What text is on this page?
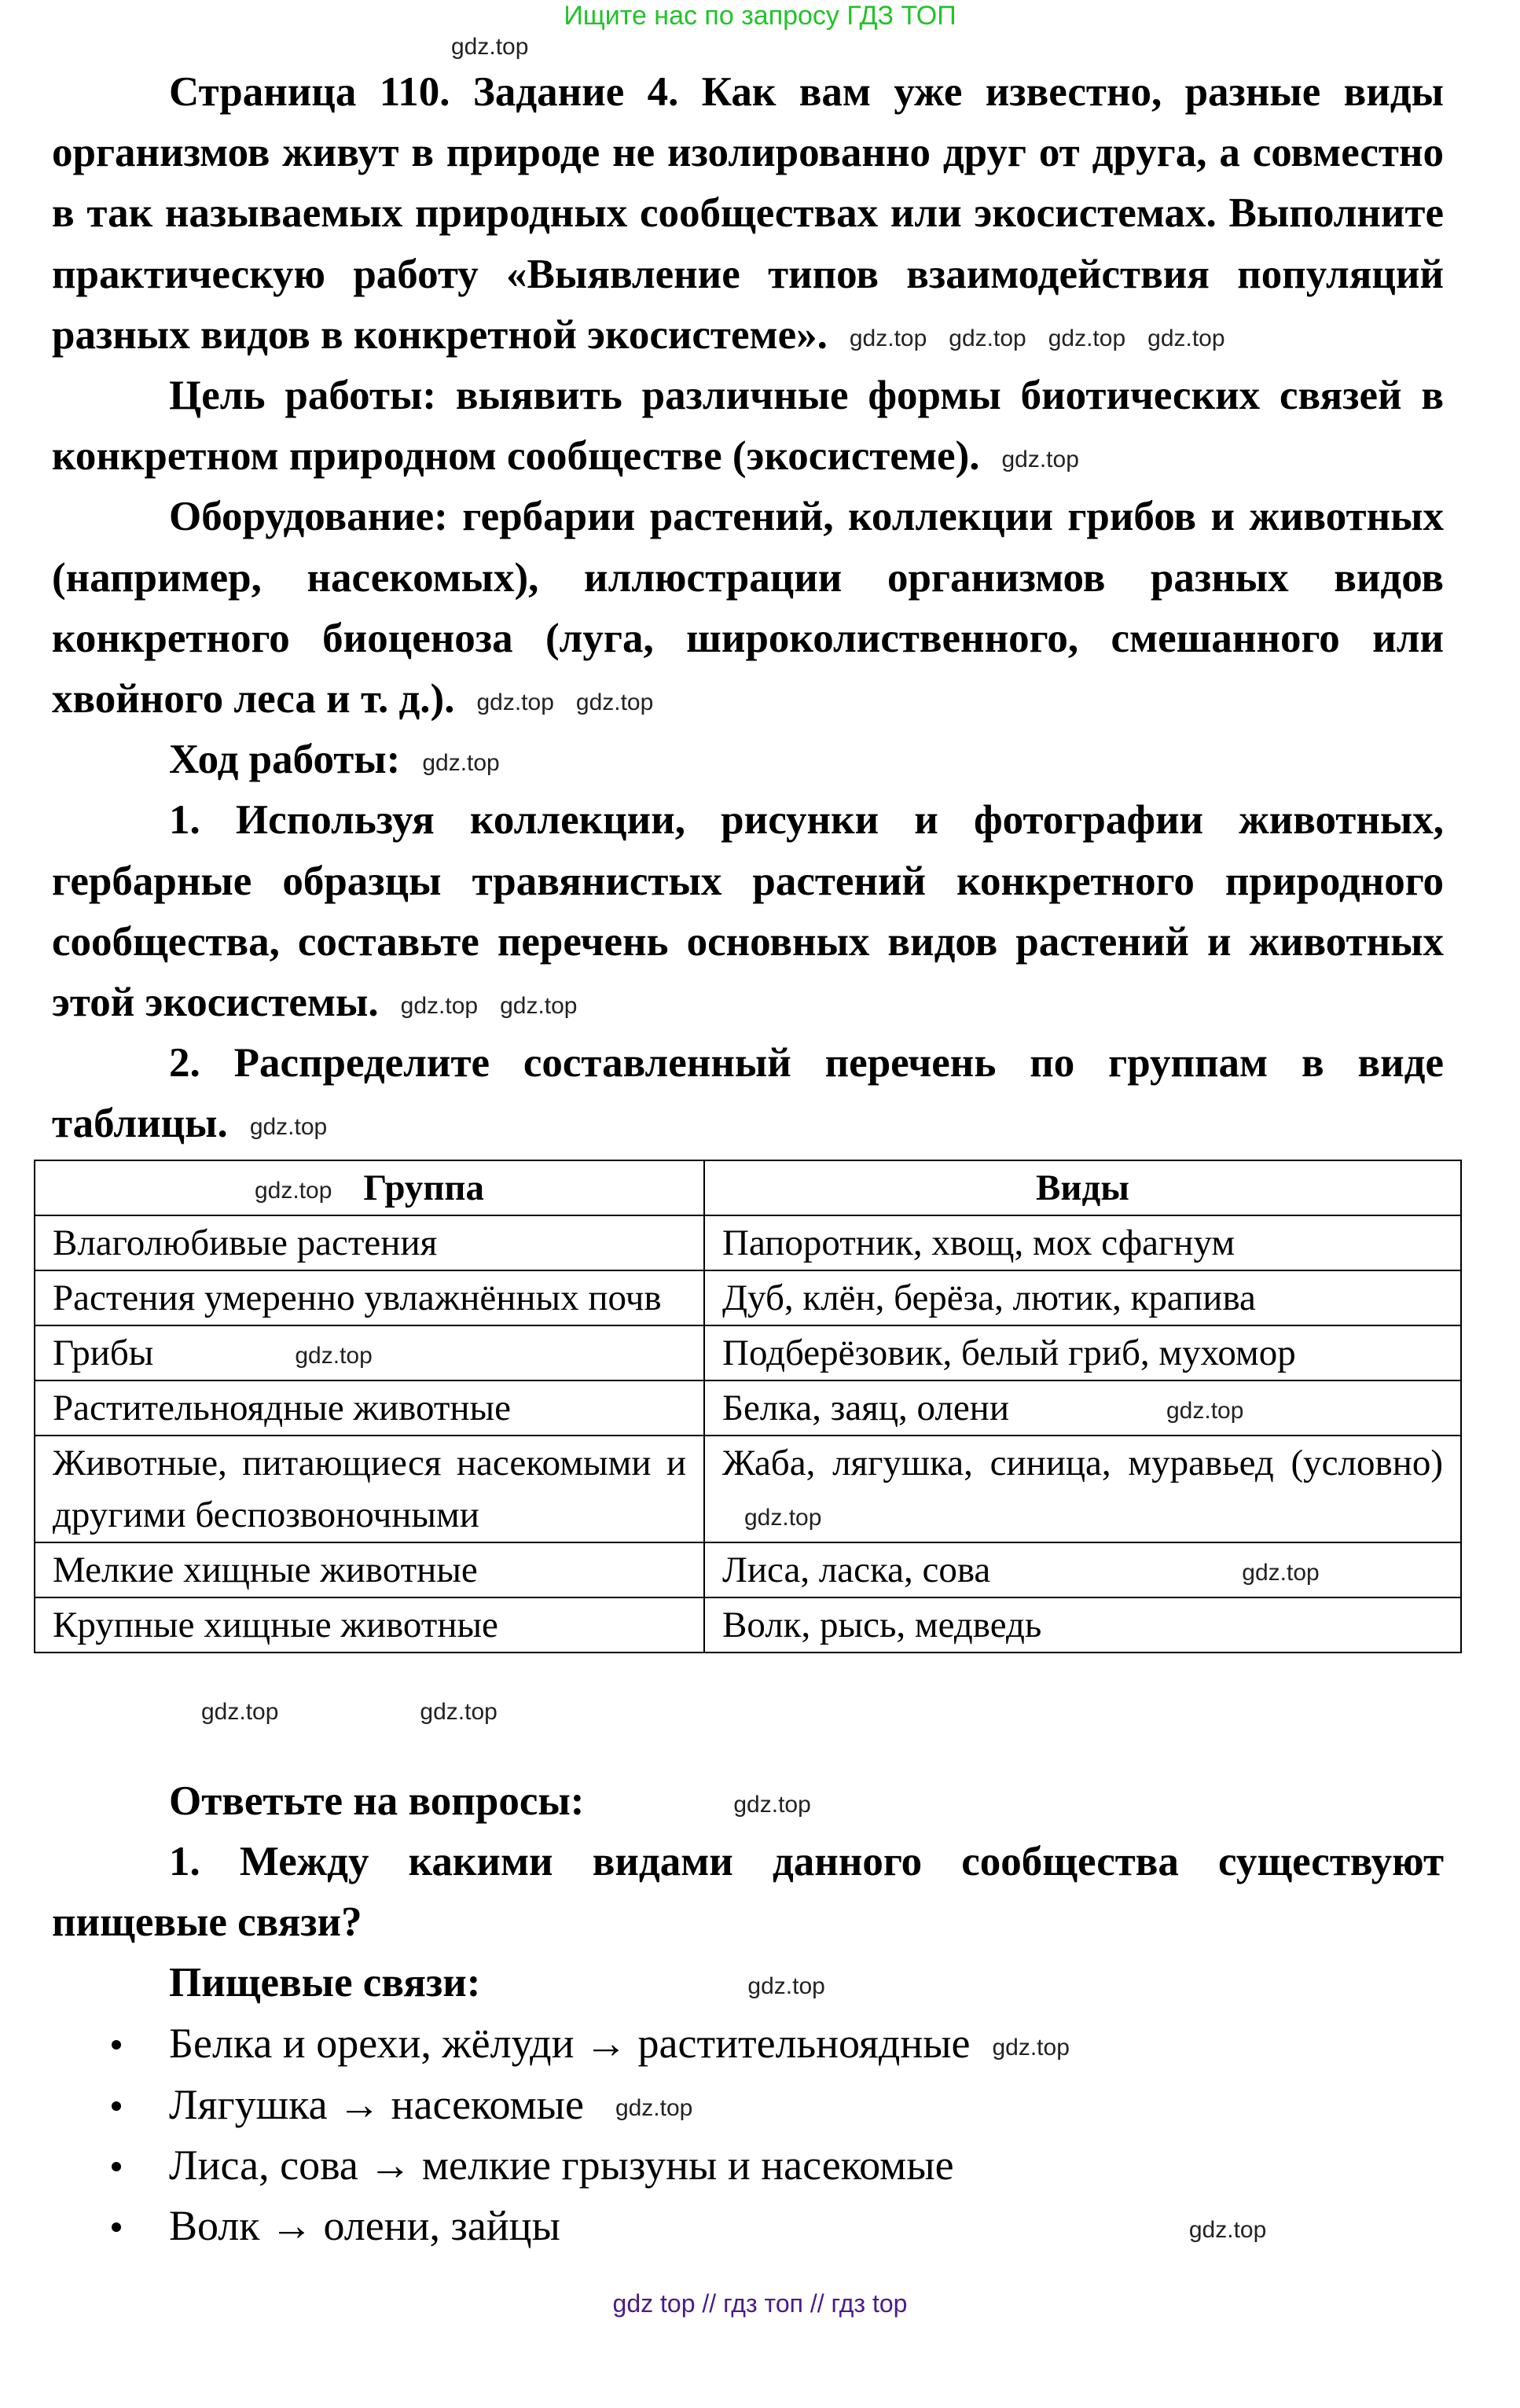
Ищите нас по запросу ГДЗ ТОП
gdz.top

Страница 110. Задание 4. Как вам уже известно, разные виды организмов живут в природе не изолированно друг от друга, а совместно в так называемых природных сообществах или экосистемах. Выполните практическую работу «Выявление типов взаимодействия популяций разных видов в конкретной экосистеме». gdz.top gdz.top gdz.top gdz.top

Цель работы: выявить различные формы биотических связей в конкретном природном сообществе (экосистеме). gdz.top

Оборудование: гербарии растений, коллекции грибов и животных (например, насекомых), иллюстрации организмов разных видов конкретного биоценоза (луга, широколиственного, смешанного или хвойного леса и т. д.). gdz.top gdz.top

Ход работы: gdz.top

1. Используя коллекции, рисунки и фотографии животных, гербарные образцы травянистых растений конкретного природного сообщества, составьте перечень основных видов растений и животных этой экосистемы. gdz.top gdz.top

2. Распределите составленный перечень по группам в виде таблицы. gdz.top

gdz.top Группа	Виды
Влаголюбивые растения	Папоротник, хвощ, мох сфагнум
Растения умеренно увлажнённых почв	Дуб, клён, берёза, лютик, крапива
Грибы gdz.top	Подберёзовик, белый гриб, мухомор
Растительноядные животные	Белка, заяц, олени gdz.top
Животные, питающиеся насекомыми и другими беспозвоночными	Жаба, лягушка, синица, муравьед (условно)gdz.top
Мелкие хищные животные	Лиса, ласка, сова gdz.top
Крупные хищные животные	Волк, рысь, медведь
gdz.top	gdz.top

Ответьте на вопросы:	gdz.top

1. Между какими видами данного сообщества существуют пищевые связи?

Пищевые связи:	gdz.top

Белка и орехи, жёлуди → растительноядные gdz.top
Лягушка → насекомые gdz.top
Лиса, сова → мелкие грызуны и насекомые
Волк → олени, зайцы	gdz.top
gdz top // гдз топ // гдз top
